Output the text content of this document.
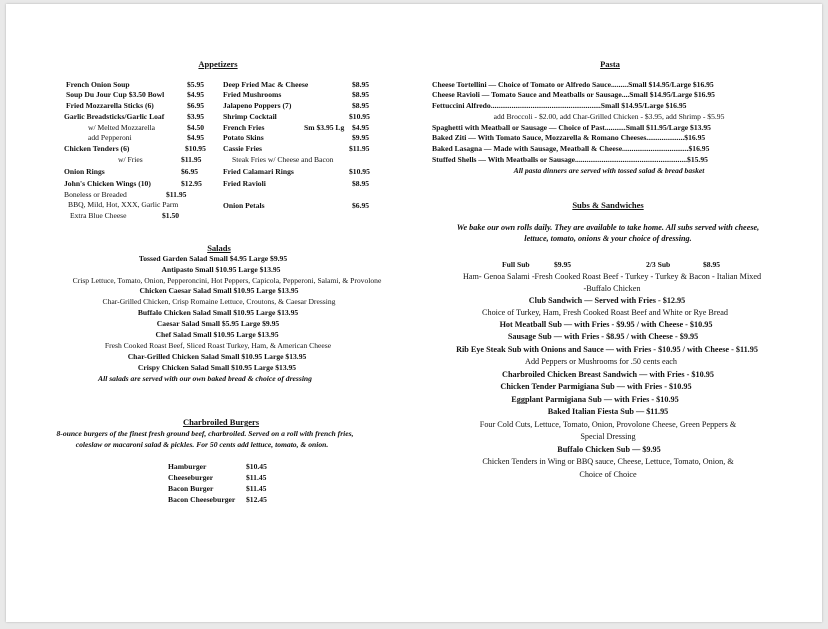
Appetizers
French Onion Soup	$5.95
Soup Du Jour Cup $3.50 Bowl	$4.95
Fried Mozzarella Sticks (6)	$6.95
Garlic Breadsticks/Garlic Loaf	$3.95
w/ Melted Mozzarella	$4.50
add Pepperoni	$4.95
Chicken Tenders (6)	$10.95
w/ Fries	$11.95
Onion Rings	$6.95
John's Chicken Wings (10)	$12.95
Boneless or Breaded	$11.95
BBQ, Mild, Hot, XXX, Garlic Parm
Extra Blue Cheese	$1.50
Deep Fried Mac & Cheese	$8.95
Fried Mushrooms	$8.95
Jalapeno Poppers (7)	$8.95
Shrimp Cocktail	$10.95
French Fries	Sm $3.95 Lg $4.95
Potato Skins	$9.95
Cassie Fries	$11.95
Steak Fries w/ Cheese and Bacon
Fried Calamari Rings	$10.95
Fried Ravioli	$8.95
Onion Petals	$6.95
Salads
Tossed Garden Salad Small $4.95 Large $9.95
Antipasto Small $10.95 Large $13.95
Crisp Lettuce, Tomato, Onion, Pepperoncini, Hot Peppers, Capicola, Pepperoni, Salami, & Provolone
Chicken Caesar Salad Small $10.95 Large $13.95
Char-Grilled Chicken, Crisp Romaine Lettuce, Croutons, & Caesar Dressing
Buffalo Chicken Salad Small $10.95 Large $13.95
Caesar Salad Small $5.95 Large $9.95
Chef Salad Small $10.95 Large $13.95
Fresh Cooked Roast Beef, Sliced Roast Turkey, Ham, & American Cheese
Char-Grilled Chicken Salad Small $10.95 Large $13.95
Crispy Chicken Salad Small $10.95 Large $13.95
All salads are served with our own baked bread & choice of dressing
Charbroiled Burgers
8-ounce burgers of the finest fresh ground beef, charbroiled. Served on a roll with french fries,
coleslaw or macaroni salad & pickles. For 50 cents add lettuce, tomato, & onion.
Hamburger	$10.45
Cheeseburger	$11.45
Bacon Burger	$11.45
Bacon Cheeseburger $12.45
Pasta
Cheese Tortellini — Choice of Tomato or Alfredo Sauce.........Small $14.95/Large $16.95
Cheese Ravioli — Tomato Sauce and Meatballs or Sausage....Small $14.95/Large $16.95
Fettuccini Alfredo..........................................................Small $14.95/Large $16.95
add Broccoli - $2.00, add Char-Grilled Chicken - $3.95, add Shrimp - $5.95
Spaghetti with Meatball or Sausage — Choice of Past...........Small $11.95/Large $13.95
Baked Ziti — With Tomato Sauce, Mozzarella & Romano Cheeses....................$16.95
Baked Lasagna — Made with Sausage, Meatball & Cheese...................................$16.95
Stuffed Shells — With Meatballs or Sausage...........................................................$15.95
All pasta dinners are served with tossed salad & bread basket
Subs & Sandwiches
We bake our own rolls daily. They are available to take home. All subs served with cheese,
lettuce, tomato, onions & your choice of dressing.
Full Sub	$9.95	2/3 Sub	$8.95
Ham- Genoa Salami -Fresh Cooked Roast Beef - Turkey - Turkey & Bacon - Italian Mixed
-Buffalo Chicken
Club Sandwich — Served with Fries - $12.95
Choice of Turkey, Ham, Fresh Cooked Roast Beef and White or Rye Bread
Hot Meatball Sub — with Fries - $9.95 / with Cheese - $10.95
Sausage Sub — with Fries - $8.95 / with Cheese - $9.95
Rib Eye Steak Sub with Onions and Sauce — with Fries - $10.95 / with Cheese - $11.95
Add Peppers or Mushrooms for .50 cents each
Charbroiled Chicken Breast Sandwich — with Fries - $10.95
Chicken Tender Parmigiana Sub — with Fries - $10.95
Eggplant Parmigiana Sub — with Fries - $10.95
Baked Italian Fiesta Sub — $11.95
Four Cold Cuts, Lettuce, Tomato, Onion, Provolone Cheese, Green Peppers &
Special Dressing
Buffalo Chicken Sub — $9.95
Chicken Tenders in Wing or BBQ sauce, Cheese, Lettuce, Tomato, Onion, &
Choice of Choice
